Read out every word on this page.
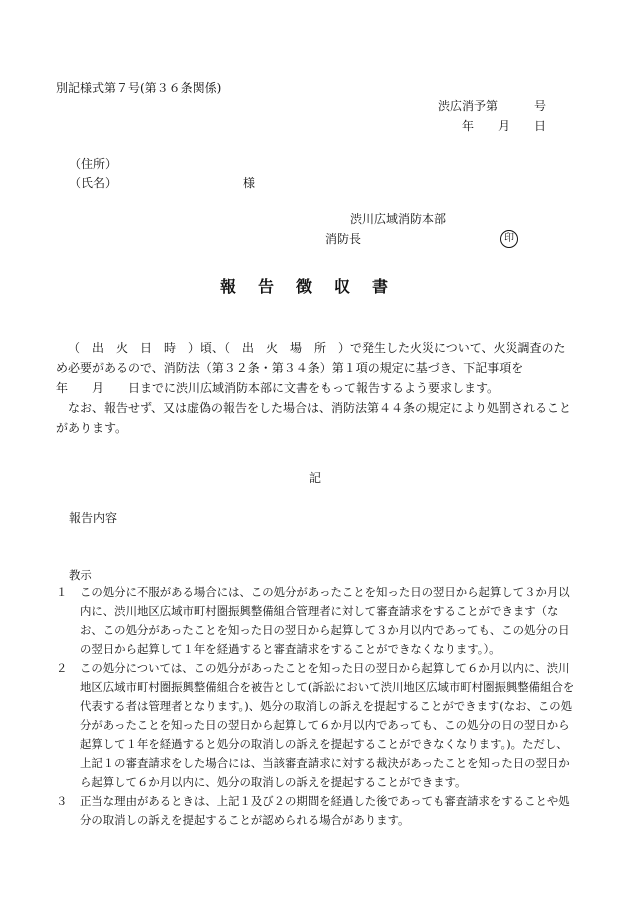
別記様式第７号(第３６条関係)
渋広消予第　　　号
年　　月　　日
（住所）
（氏名）	様
渋川広域消防本部
消防長	印
報告徴収書

（　出　火　日　時　）頃、（　出　火　場　所　）で発生した火災について、火災調査のため必要があるので、消防法（第３２条・第３４条）第１項の規定に基づき、下記事項を　　　　年　　月　　日までに渋川広域消防本部に文書をもって報告するよう要求します。

なお、報告せず、又は虚偽の報告をした場合は、消防法第４４条の規定により処罰されることがあります。

記
報告内容
教示
１	この処分に不服がある場合には、この処分があったことを知った日の翌日から起算して３か月以内に、渋川地区広域市町村圏振興整備組合管理者に対して審査請求をすることができます（なお、この処分があったことを知った日の翌日から起算して３か月以内であっても、この処分の日の翌日から起算して１年を経過すると審査請求をすることができなくなります。）。
２	この処分については、この処分があったことを知った日の翌日から起算して６か月以内に、渋川地区広域市町村圏振興整備組合を被告として(訴訟において渋川地区広域市町村圏振興整備組合を代表する者は管理者となります。)、処分の取消しの訴えを提起することができます(なお、この処分があったことを知った日の翌日から起算して６か月以内であっても、この処分の日の翌日から起算して１年を経過すると処分の取消しの訴えを提起することができなくなります。)。ただし、上記１の審査請求をした場合には、当該審査請求に対する裁決があったことを知った日の翌日から起算して６か月以内に、処分の取消しの訴えを提起することができます。
３	正当な理由があるときは、上記１及び２の期間を経過した後であっても審査請求をすることや処分の取消しの訴えを提起することが認められる場合があります。
